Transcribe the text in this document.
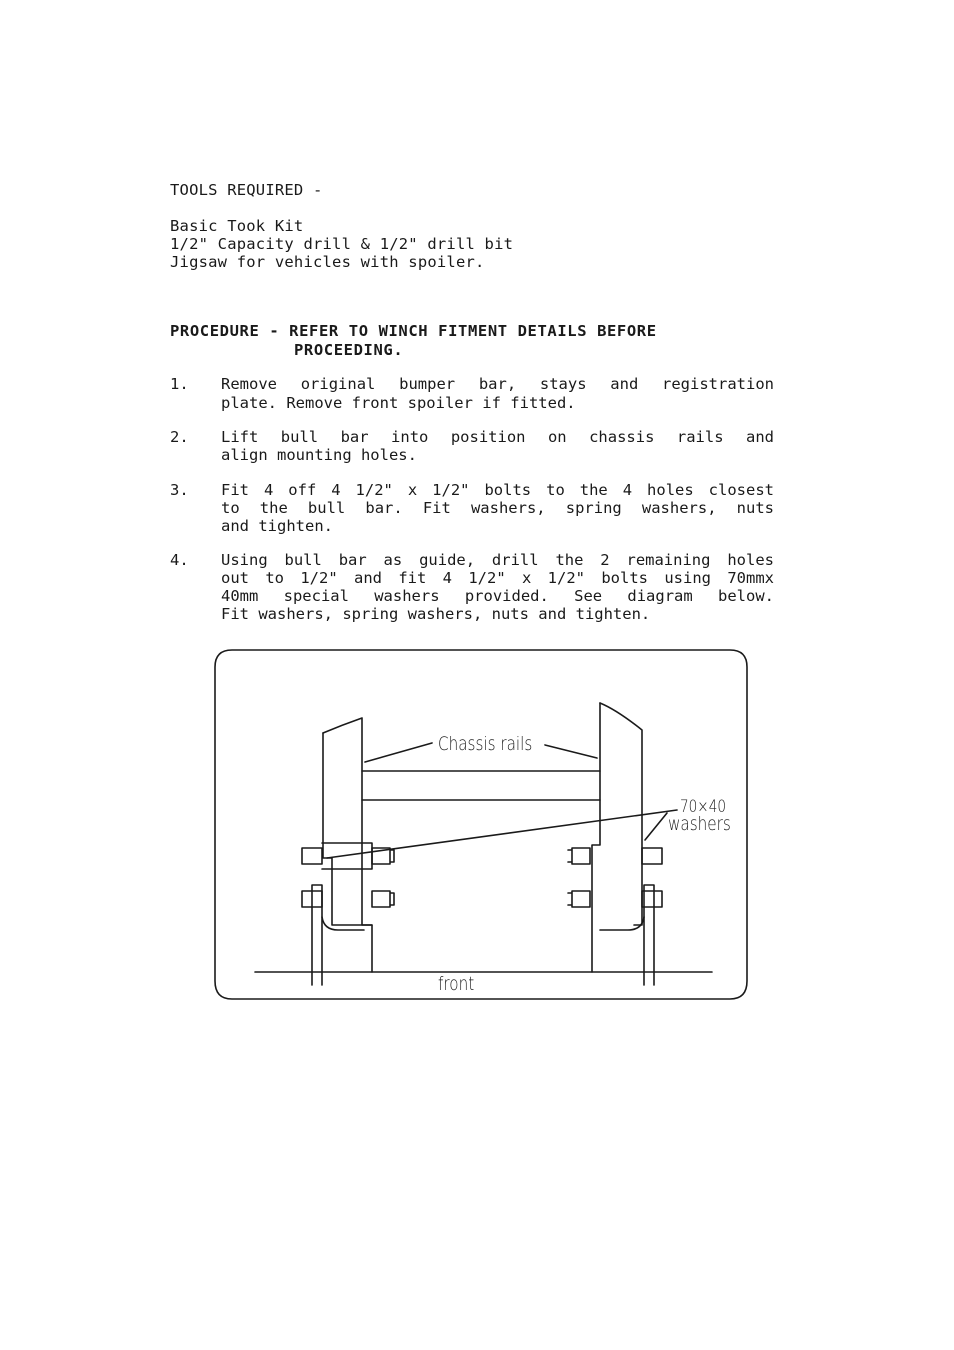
TOOLS REQUIRED -
Basic Took Kit
1/2" Capacity drill & 1/2" drill bit
Jigsaw for vehicles with spoiler.
PROCEDURE - REFER TO WINCH FITMENT DETAILS BEFORE
PROCEEDING.
1. Remove original bumper bar, stays and registration
plate. Remove front spoiler if fitted.
2. Lift bull bar into position on chassis rails and
align mounting holes.
3. Fit 4 off 4 1/2" x 1/2" bolts to the 4 holes closest
to the bull bar. Fit washers, spring washers, nuts
and tighten.
4. Using bull bar as guide, drill the 2 remaining holes
out to 1/2" and fit 4 1/2" x 1/2" bolts using 70mmx
40mm special washers provided. See diagram below.
Fit washers, spring washers, nuts and tighten.
Chassis rails
70×40
washers
front
